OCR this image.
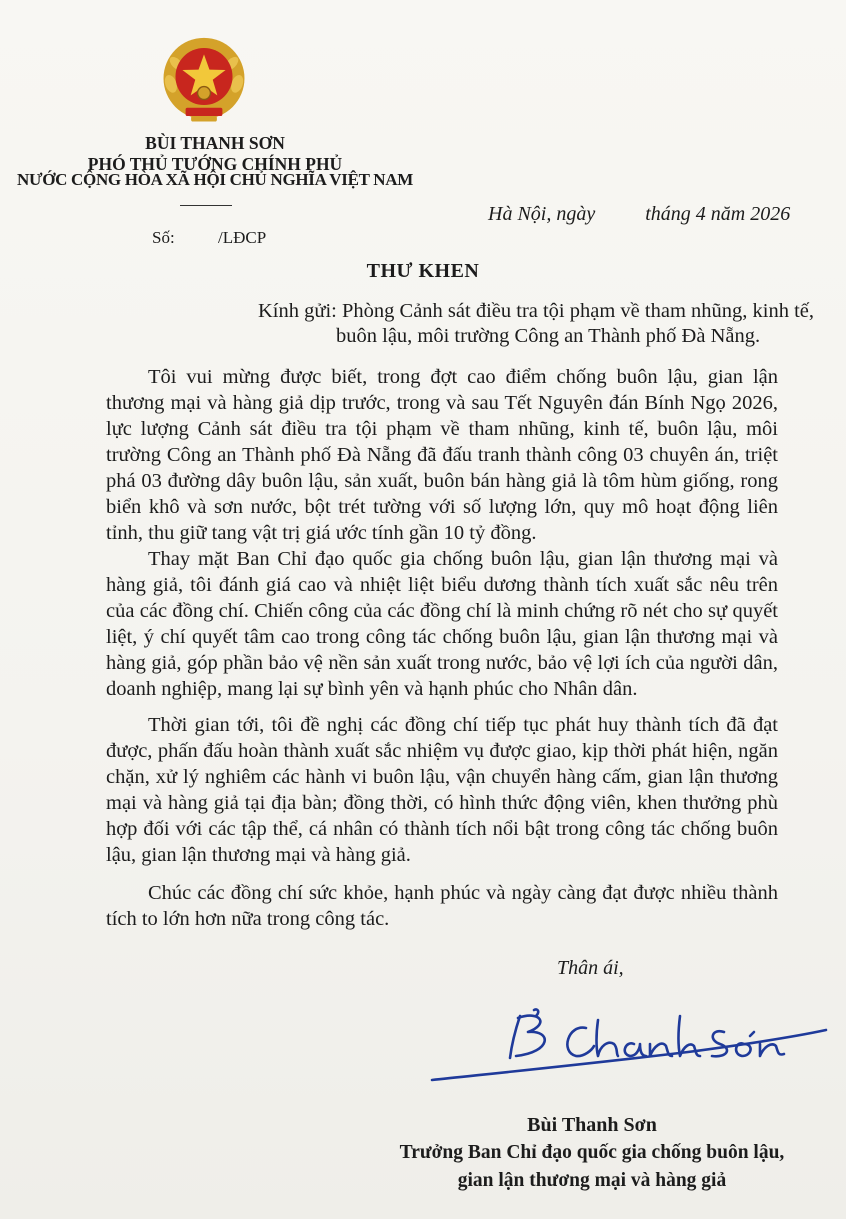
BÙI THANH SƠN
PHÓ THỦ TƯỚNG CHÍNH PHỦ
NƯỚC CỘNG HÒA XÃ HỘI CHỦ NGHĨA VIỆT NAM
Số:	/LĐCP
Hà Nội, ngày          tháng 4 năm 2026
THƯ KHEN
Kính gửi: Phòng Cảnh sát điều tra tội phạm về tham nhũng, kinh tế,
buôn lậu, môi trường Công an Thành phố Đà Nẵng.
Tôi vui mừng được biết, trong đợt cao điểm chống buôn lậu, gian lận thương mại và hàng giả dịp trước, trong và sau Tết Nguyên đán Bính Ngọ 2026, lực lượng Cảnh sát điều tra tội phạm về tham nhũng, kinh tế, buôn lậu, môi trường Công an Thành phố Đà Nẵng đã đấu tranh thành công 03 chuyên án, triệt phá 03 đường dây buôn lậu, sản xuất, buôn bán hàng giả là tôm hùm giống, rong biển khô và sơn nước, bột trét tường với số lượng lớn, quy mô hoạt động liên tỉnh, thu giữ tang vật trị giá ước tính gần 10 tỷ đồng.
Thay mặt Ban Chỉ đạo quốc gia chống buôn lậu, gian lận thương mại và hàng giả, tôi đánh giá cao và nhiệt liệt biểu dương thành tích xuất sắc nêu trên của các đồng chí. Chiến công của các đồng chí là minh chứng rõ nét cho sự quyết liệt, ý chí quyết tâm cao trong công tác chống buôn lậu, gian lận thương mại và hàng giả, góp phần bảo vệ nền sản xuất trong nước, bảo vệ lợi ích của người dân, doanh nghiệp, mang lại sự bình yên và hạnh phúc cho Nhân dân.
Thời gian tới, tôi đề nghị các đồng chí tiếp tục phát huy thành tích đã đạt được, phấn đấu hoàn thành xuất sắc nhiệm vụ được giao, kịp thời phát hiện, ngăn chặn, xử lý nghiêm các hành vi buôn lậu, vận chuyển hàng cấm, gian lận thương mại và hàng giả tại địa bàn; đồng thời, có hình thức động viên, khen thưởng phù hợp đối với các tập thể, cá nhân có thành tích nổi bật trong công tác chống buôn lậu, gian lận thương mại và hàng giả.
Chúc các đồng chí sức khỏe, hạnh phúc và ngày càng đạt được nhiều thành tích to lớn hơn nữa trong công tác.
Thân ái,
Bùi Thanh Sơn
Trưởng Ban Chỉ đạo quốc gia chống buôn lậu,
gian lận thương mại và hàng giả
